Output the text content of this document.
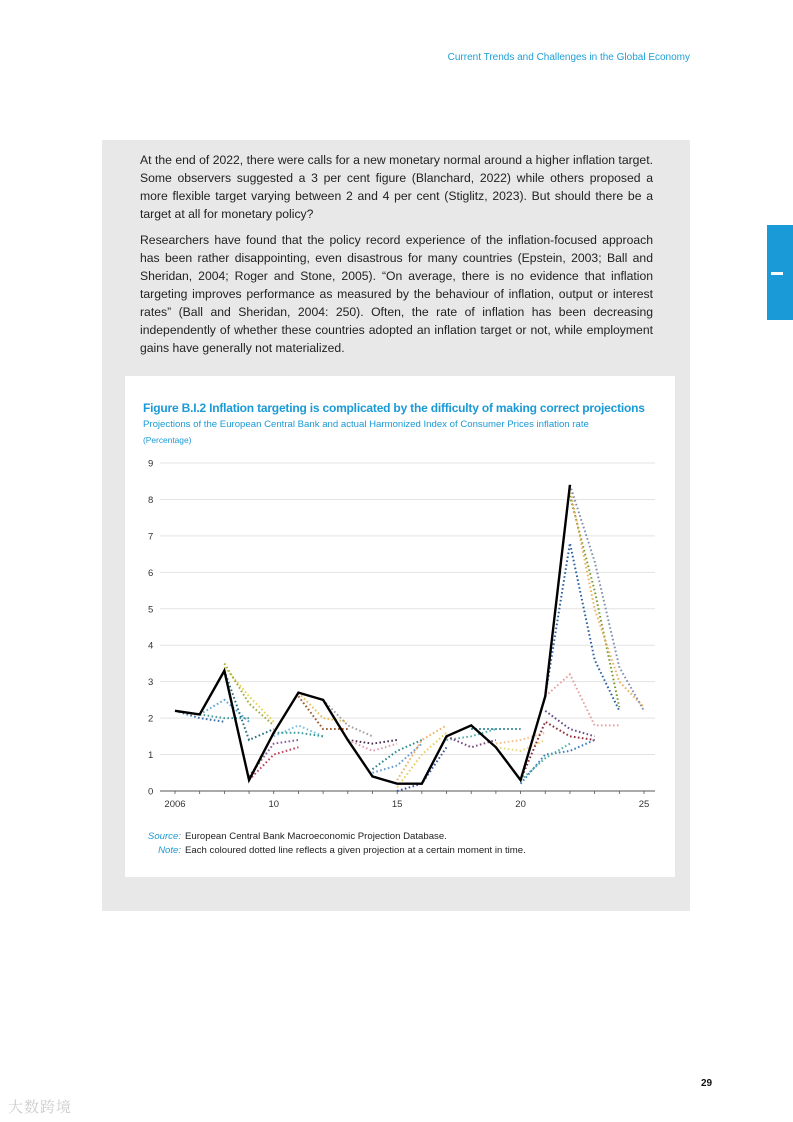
Current Trends and Challenges in the Global Economy

At the end of 2022, there were calls for a new monetary normal around a higher inflation target. Some observers suggested a 3 per cent figure (Blanchard, 2022) while others proposed a more flexible target varying between 2 and 4 per cent (Stiglitz, 2023). But should there be a target at all for monetary policy?

Researchers have found that the policy record experience of the inflation-focused approach has been rather disappointing, even disastrous for many countries (Epstein, 2003; Ball and Sheridan, 2004; Roger and Stone, 2005). “On average, there is no evidence that inflation targeting improves performance as measured by the behaviour of inflation, output or interest rates” (Ball and Sheridan, 2004: 250). Often, the rate of inflation has been decreasing independently of whether these countries adopted an inflation target or not, while employment gains have generally not materialized.

Figure B.I.2 Inflation targeting is complicated by the difficulty of making correct projections
Projections of the European Central Bank and actual Harmonized Index of Consumer Prices inflation rate
(Percentage)
0
1
2
3
4
5
6
7
8
9
2006	10	15	20	25
Source: European Central Bank Macroeconomic Projection Database.
Note: Each coloured dotted line reflects a given projection at a certain moment in time.
29
大数跨境
